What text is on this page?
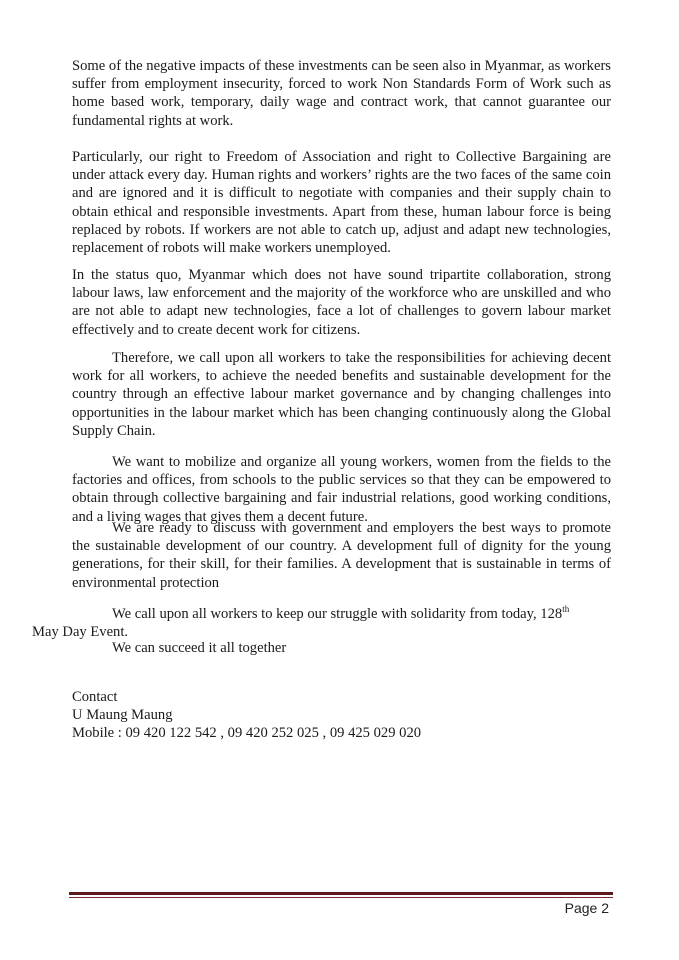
Some of the negative impacts of these investments can be seen also in Myanmar, as workers suffer from employment insecurity, forced to work Non Standards Form of Work such as home based work, temporary, daily wage and contract work, that cannot guarantee our fundamental rights at work.

Particularly, our right to Freedom of Association and right to Collective Bargaining are under attack every day. Human rights and workers’ rights are the two faces of the same coin and are ignored and it is difficult to negotiate with companies and their supply chain to obtain ethical and responsible investments. Apart from these, human labour force is being replaced by robots. If workers are not able to catch up, adjust and adapt new technologies, replacement of robots will make workers unemployed.

In the status quo, Myanmar which does not have sound tripartite collaboration, strong labour laws, law enforcement and the majority of the workforce who are unskilled and who are not able to adapt new technologies, face a lot of challenges to govern labour market effectively and to create decent work for citizens.

Therefore, we call upon all workers to take the responsibilities for achieving decent work for all workers, to achieve the needed benefits and sustainable development for the country through an effective labour market governance and by changing challenges into opportunities in the labour market which has been changing continuously along the Global Supply Chain.

We want to mobilize and organize all young workers, women from the fields to the factories and offices, from schools to the public services so that they can be empowered to obtain through collective bargaining and fair industrial relations, good working conditions, and a living wages that gives them a decent future.

We are ready to discuss with government and employers the best ways to promote the sustainable development of our country. A development full of dignity for the young generations, for their skill, for their families. A development that is sustainable in terms of environmental protection

We call upon all workers to keep our struggle with solidarity from today, 128th
May Day Event.

We can succeed it all together

Contact
U Maung Maung
Mobile : 09 420 122 542 , 09 420 252 025 , 09 425 029 020
Page 2
